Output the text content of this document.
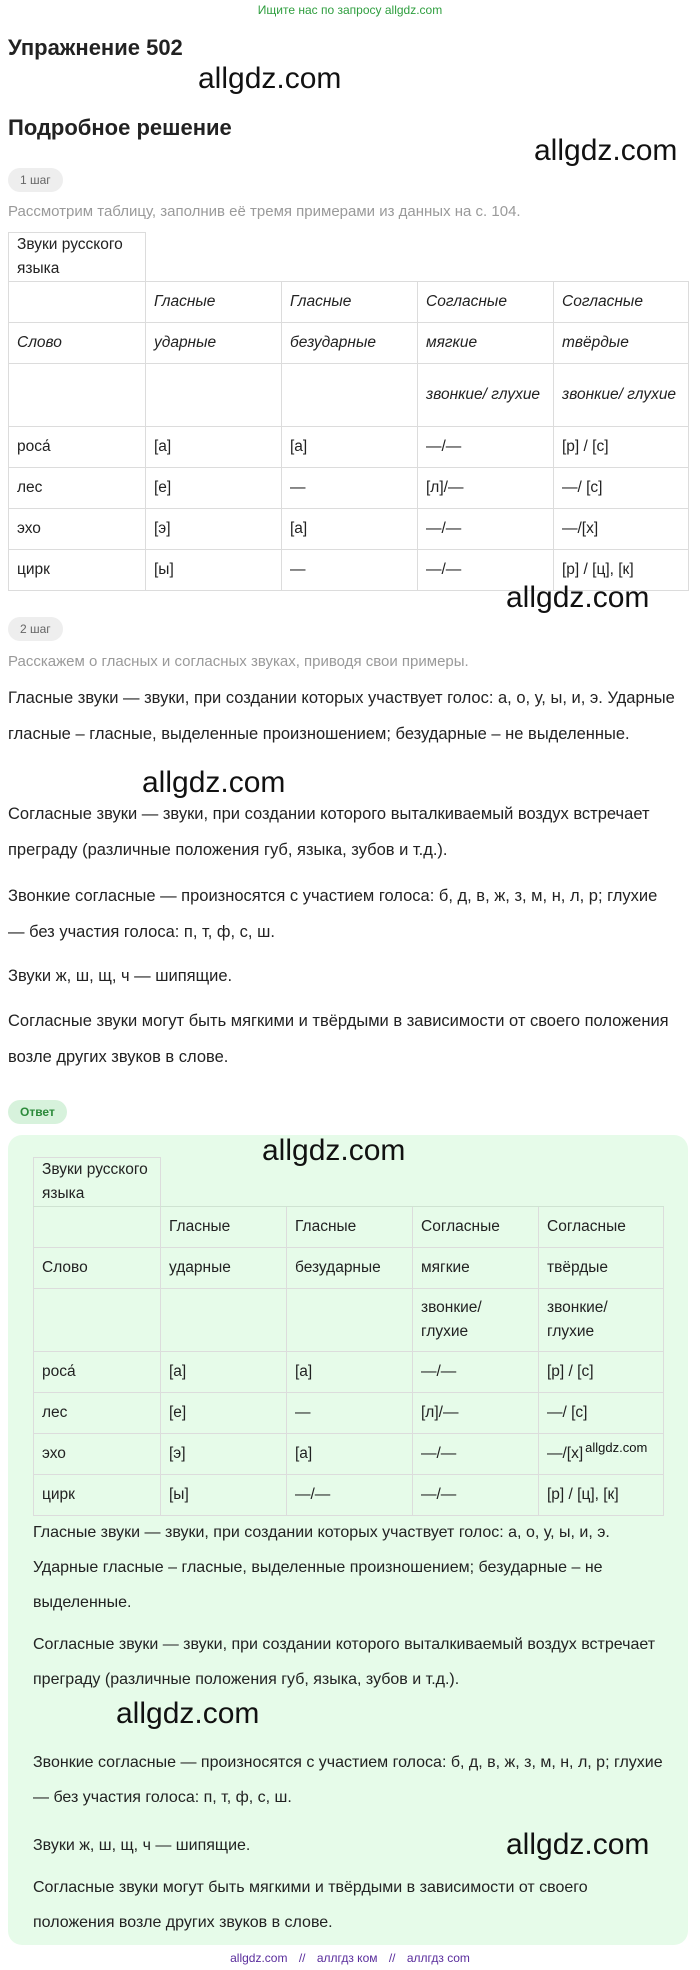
Ищите нас по запросу allgdz.com
Упражнение 502
allgdz.com
Подробное решение
allgdz.com
1 шаг
Рассмотрим таблицу, заполнив её тремя примерами из данных на с. 104.
Звуки русского языка				
	Гласные	Гласные	Согласные	Согласные
Слово	ударные	безударные	мягкие	твёрдые
			звонкие/ глухие	звонкие/ глухие
роса́	[а]	[а]	—/—	[р] / [с]
лес	[е]	—	[л]/—	—/ [с]
эхо	[э]	[а]	—/—	—/[х]
цирк	[ы]	—	—/—	[р] / [ц], [к]
allgdz.com
2 шаг
Расскажем о гласных и согласных звуках, приводя свои примеры.

Гласные звуки — звуки, при создании которых участвует голос: а, о, у, ы, и, э. Ударные гласные – гласные, выделенные произношением; безударные – не выделенные.

allgdz.com

Согласные звуки — звуки, при создании которого выталкиваемый воздух встречает преграду (различные положения губ, языка, зубов и т.д.).

Звонкие согласные — произносятся с участием голоса: б, д, в, ж, з, м, н, л, р; глухие — без участия голоса: п, т, ф, с, ш.

Звуки ж, ш, щ, ч — шипящие.

Согласные звуки могут быть мягкими и твёрдыми в зависимости от своего положения возле других звуков в слове.

Ответ
allgdz.com
Звуки русского языка				
	Гласные	Гласные	Согласные	Согласные
Слово	ударные	безударные	мягкие	твёрдые
			звонкие/ глухие	звонкие/ глухие
роса́	[а]	[а]	—/—	[р] / [с]
лес	[е]	—	[л]/—	—/ [с]
эхо	[э]	[а]	—/—	—/[х] $^{allgdz.com}$
цирк	[ы]	—/—	—/—	[р] / [ц], [к]

Гласные звуки — звуки, при создании которых участвует голос: а, о, у, ы, и, э. Ударные гласные – гласные, выделенные произношением; безударные – не выделенные.

Согласные звуки — звуки, при создании которого выталкиваемый воздух встречает преграду (различные положения губ, языка, зубов и т.д.).

allgdz.com

Звонкие согласные — произносятся с участием голоса: б, д, в, ж, з, м, н, л, р; глухие — без участия голоса: п, т, ф, с, ш.

Звуки ж, ш, щ, ч — шипящие.	allgdz.com

Согласные звуки могут быть мягкими и твёрдыми в зависимости от своего положения возле других звуков в слове.

allgdz.com // аллгдз ком // аллгдз com
